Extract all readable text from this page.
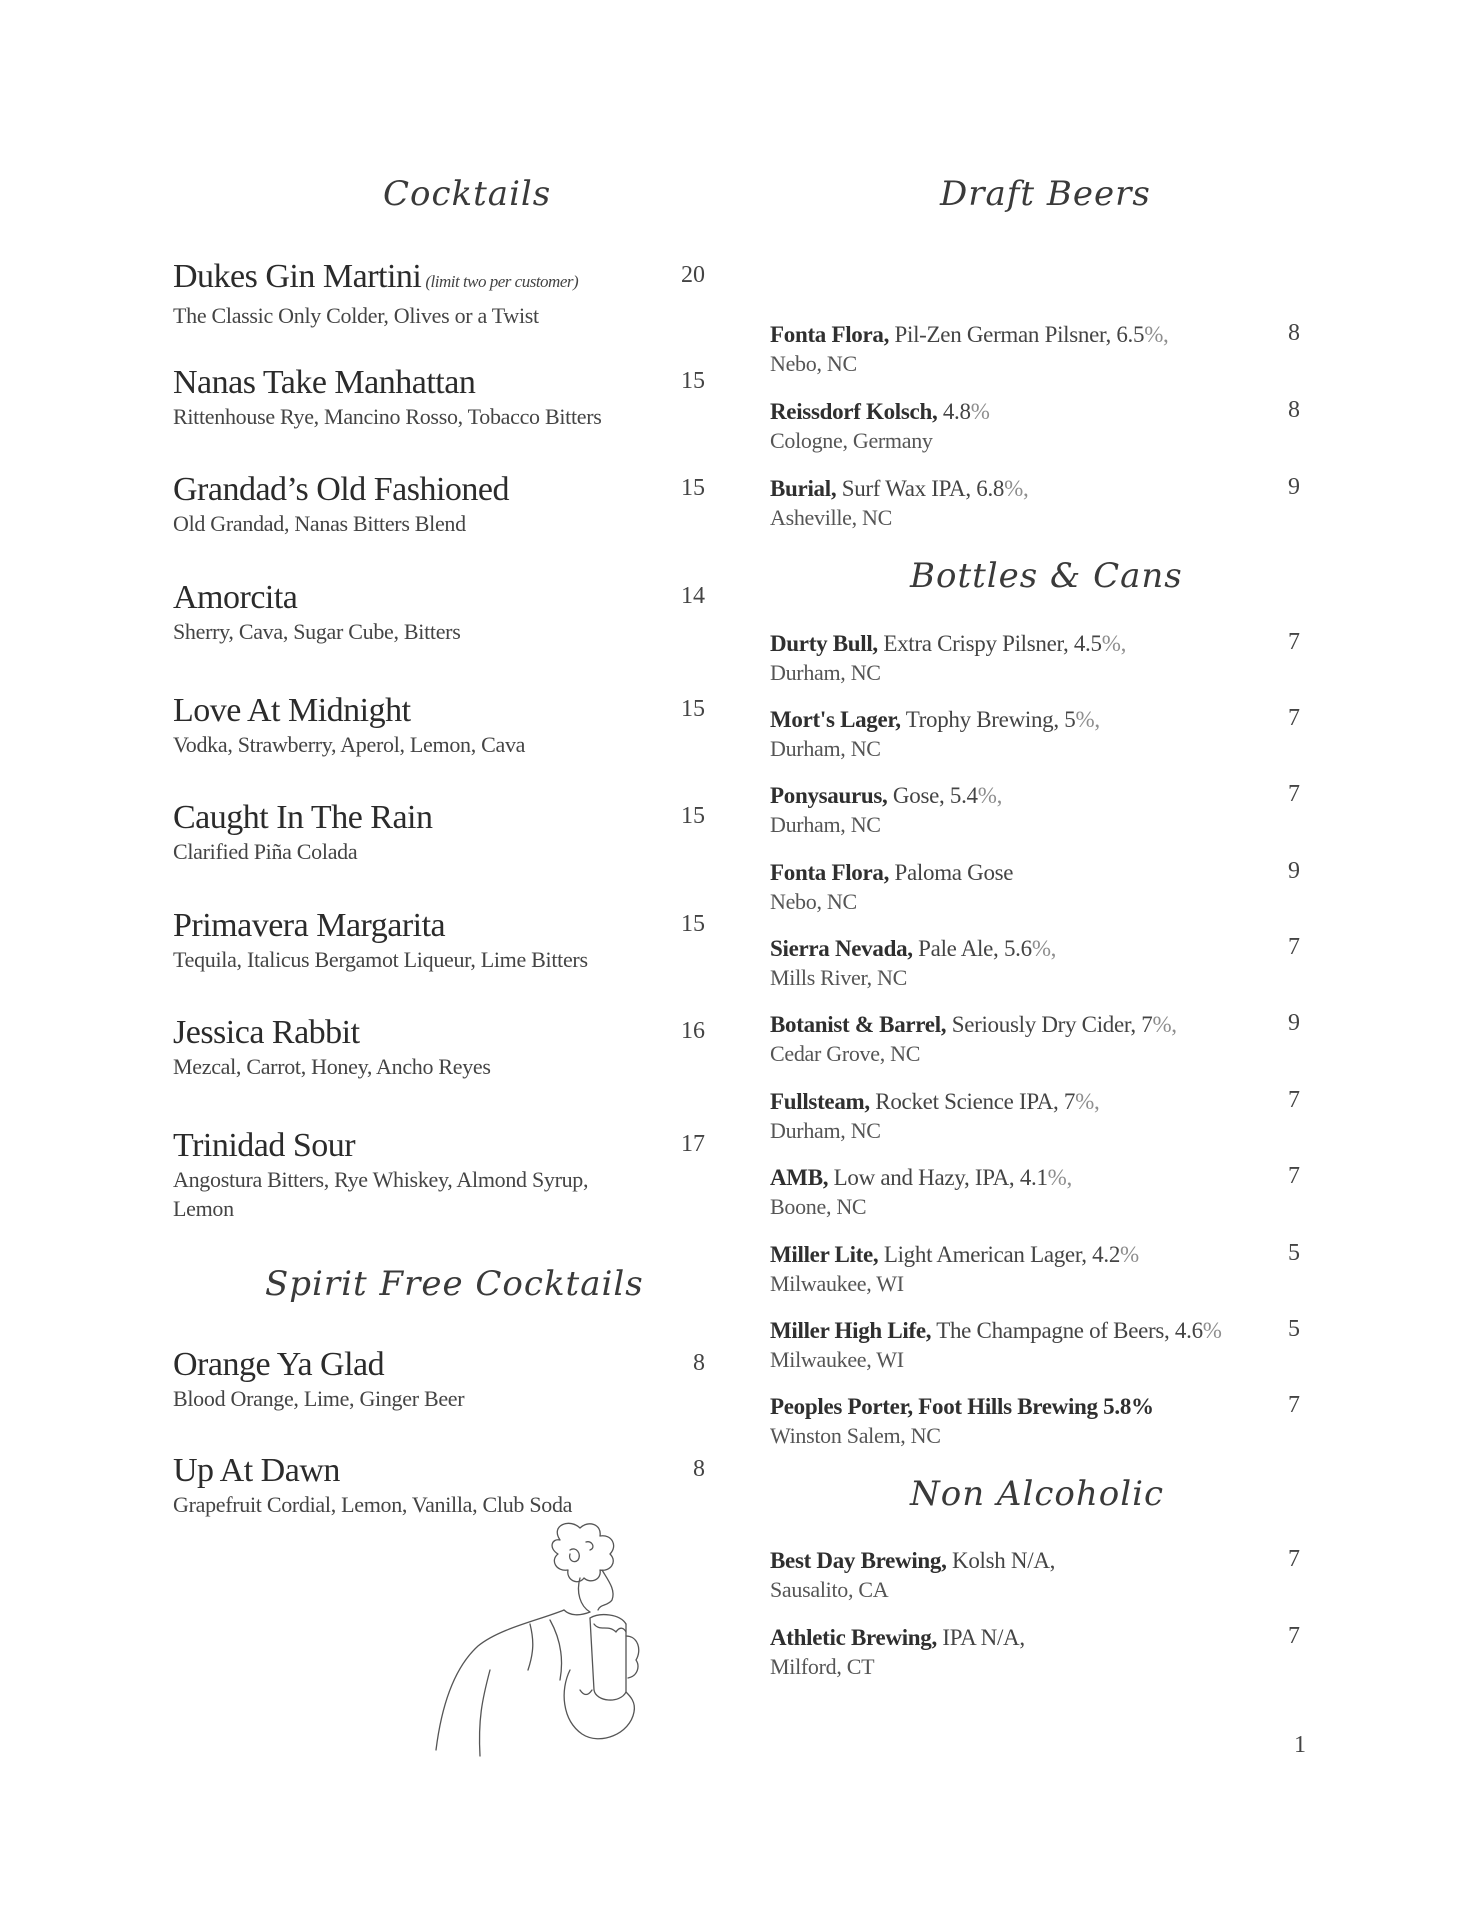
Cocktails
Dukes Gin Martini (limit two per customer)
The Classic Only Colder, Olives or a Twist
20
Nanas Take Manhattan
Rittenhouse Rye, Mancino Rosso, Tobacco Bitters
15
Grandad’s Old Fashioned
Old Grandad, Nanas Bitters Blend
15
Amorcita
Sherry, Cava, Sugar Cube, Bitters
14
Love At Midnight
Vodka, Strawberry, Aperol, Lemon, Cava
15
Caught In The Rain
Clarified Piña Colada
15
Primavera Margarita
Tequila, Italicus Bergamot Liqueur, Lime Bitters
15
Jessica Rabbit
Mezcal, Carrot, Honey, Ancho Reyes
16
Trinidad Sour
Angostura Bitters, Rye Whiskey, Almond Syrup,
Lemon
17
Spirit Free Cocktails
Orange Ya Glad
Blood Orange, Lime, Ginger Beer
8
Up At Dawn
Grapefruit Cordial, Lemon, Vanilla, Club Soda
8
Draft Beers
Fonta Flora, Pil-Zen German Pilsner, 6.5%,
Nebo, NC
8
Reissdorf Kolsch, 4.8%
Cologne, Germany
8
Burial, Surf Wax IPA, 6.8%,
Asheville, NC
9
Bottles & Cans
Durty Bull, Extra Crispy Pilsner, 4.5%,
Durham, NC
7
Mort's Lager, Trophy Brewing, 5%,
Durham, NC
7
Ponysaurus, Gose, 5.4%,
Durham, NC
7
Fonta Flora, Paloma Gose
Nebo, NC
9
Sierra Nevada, Pale Ale, 5.6%,
Mills River, NC
7
Botanist & Barrel, Seriously Dry Cider, 7%,
Cedar Grove, NC
9
Fullsteam, Rocket Science IPA, 7%,
Durham, NC
7
AMB, Low and Hazy, IPA, 4.1%,
Boone, NC
7
Miller Lite, Light American Lager, 4.2%
Milwaukee, WI
5
Miller High Life, The Champagne of Beers, 4.6%
Milwaukee, WI
5
Peoples Porter, Foot Hills Brewing 5.8%
Winston Salem, NC
7
Non Alcoholic
Best Day Brewing, Kolsh N/A,
Sausalito, CA
7
Athletic Brewing, IPA N/A,
Milford, CT
7
1
